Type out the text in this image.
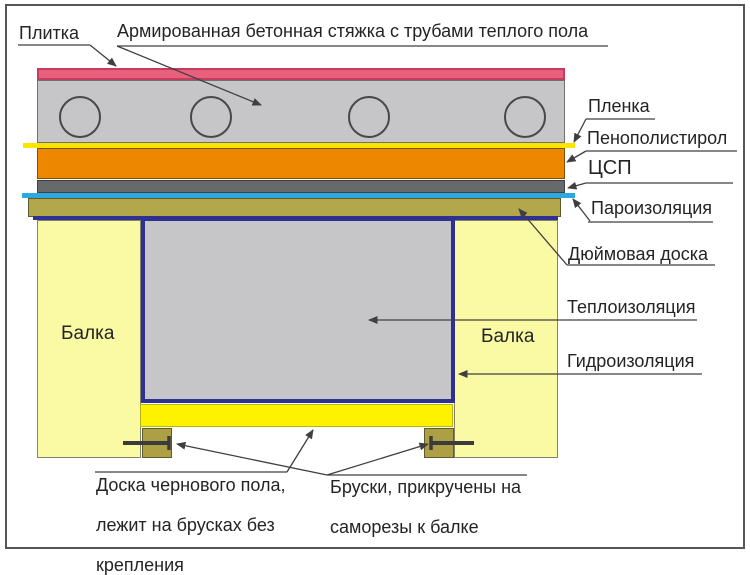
Плитка Армированная бетонная стяжка с трубами теплого пола
Пленка
Пенополистирол
ЦСП
Пароизоляция
Дюймовая доска
Теплоизоляция
Гидроизоляция
Балка	Балка
Доска чернового пола,

лежит на брусках без

крепления
Бруски, прикручены на

саморезы к балке
